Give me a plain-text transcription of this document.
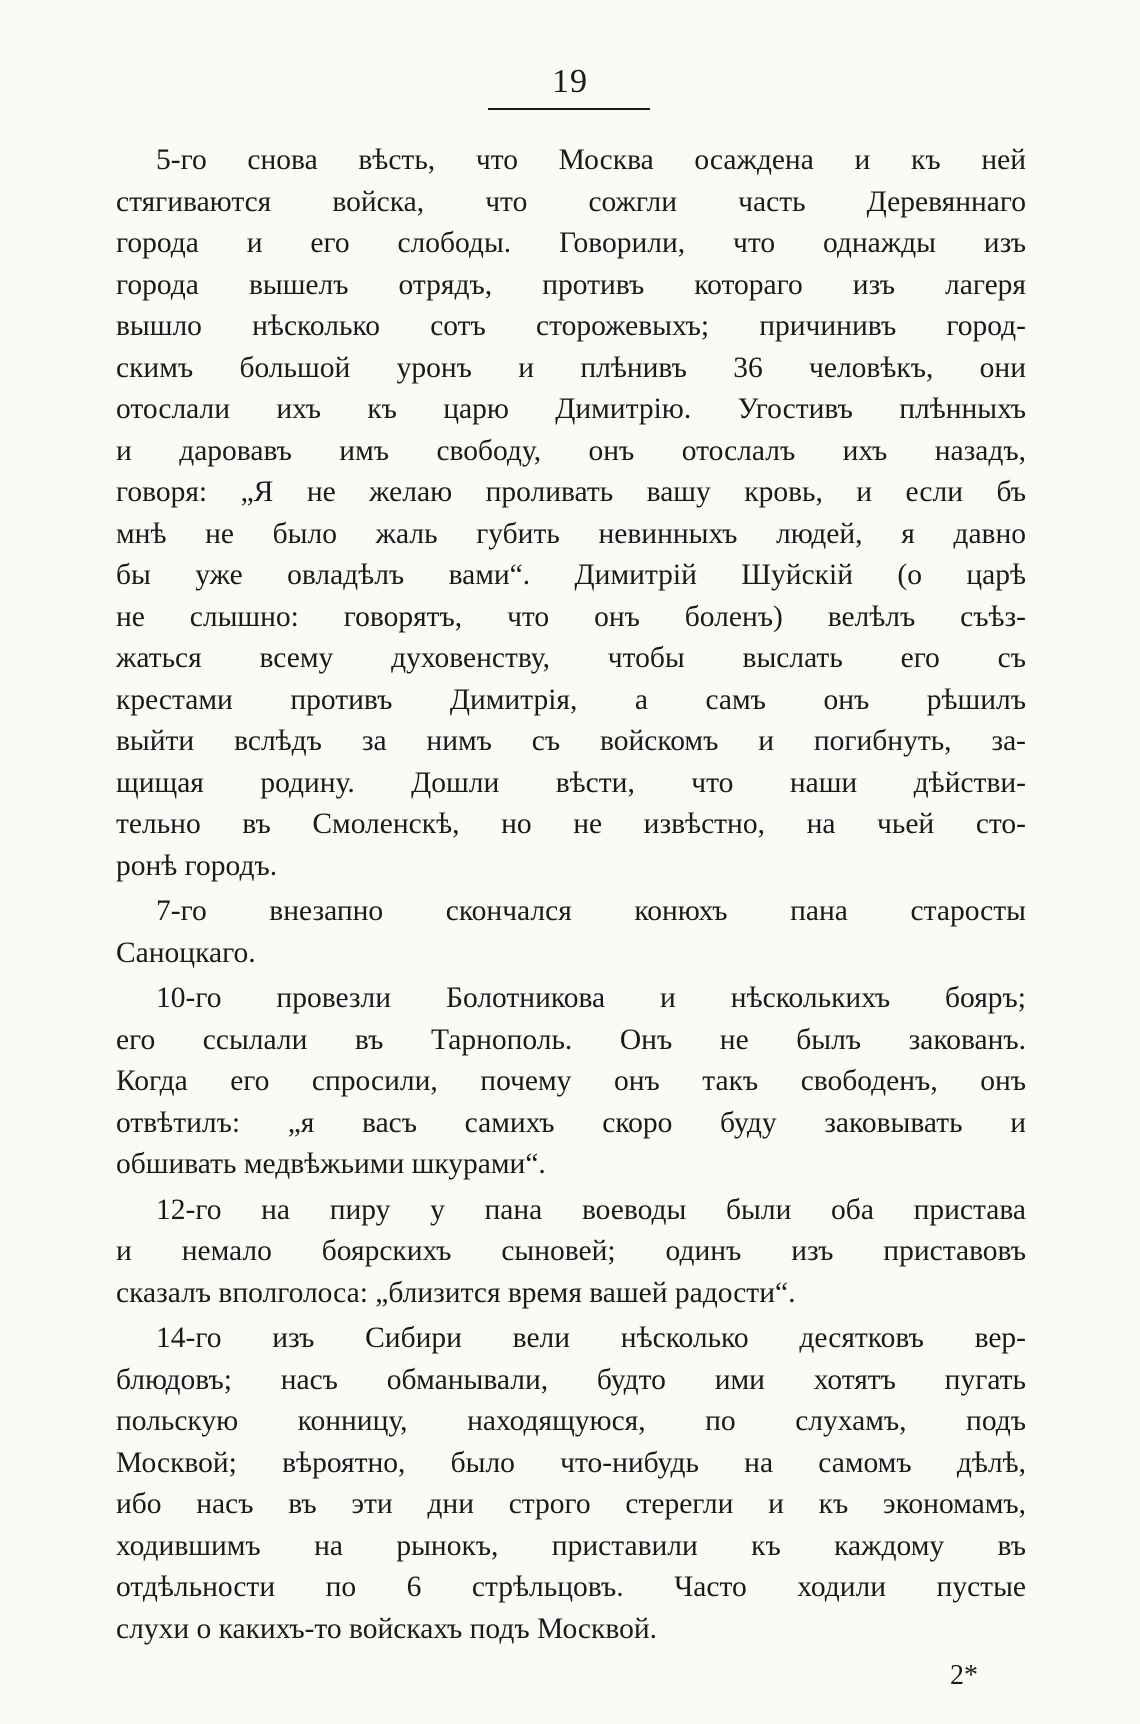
19
5-го снова вѣсть, что Москва осаждена и къ ней
стягиваются войска, что сожгли часть Деревяннаго
города и его слободы. Говорили, что однажды изъ
города вышелъ отрядъ, противъ котораго изъ лагеря
вышло нѣсколько сотъ сторожевыхъ; причинивъ город-
скимъ большой уронъ и плѣнивъ 36 человѣкъ, они
отослали ихъ къ царю Димитрію. Угостивъ плѣнныхъ
и даровавъ имъ свободу, онъ отослалъ ихъ назадъ,
говоря: „Я не желаю проливать вашу кровь, и если бъ
мнѣ не было жаль губить невинныхъ людей, я давно
бы уже овладѣлъ вами“. Димитрій Шуйскій (о царѣ
не слышно: говорятъ, что онъ боленъ) велѣлъ съѣз-
жаться всему духовенству, чтобы выслать его съ
крестами противъ Димитрія, а самъ онъ рѣшилъ
выйти вслѣдъ за нимъ съ войскомъ и погибнуть, за-
щищая родину. Дошли вѣсти, что наши дѣйстви-
тельно въ Смоленскѣ, но не извѣстно, на чьей сто-
ронѣ городъ.
7-го внезапно скончался конюхъ пана старосты
Саноцкаго.
10-го провезли Болотникова и нѣсколькихъ бояръ;
его ссылали въ Тарнополь. Онъ не былъ закованъ.
Когда его спросили, почему онъ такъ свободенъ, онъ
отвѣтилъ: „я васъ самихъ скоро буду заковывать и
обшивать медвѣжьими шкурами“.
12-го на пиру у пана воеводы были оба пристава
и немало боярскихъ сыновей; одинъ изъ приставовъ
сказалъ вполголоса: „близится время вашей радости“.
14-го изъ Сибири вели нѣсколько десятковъ вер-
блюдовъ; насъ обманывали, будто ими хотятъ пугать
польскую конницу, находящуюся, по слухамъ, подъ
Москвой; вѣроятно, было что-нибудь на самомъ дѣлѣ,
ибо насъ въ эти дни строго стерегли и къ экономамъ,
ходившимъ на рынокъ, приставили къ каждому въ
отдѣльности по 6 стрѣльцовъ. Часто ходили пустые
слухи о какихъ-то войскахъ подъ Москвой.
2*
